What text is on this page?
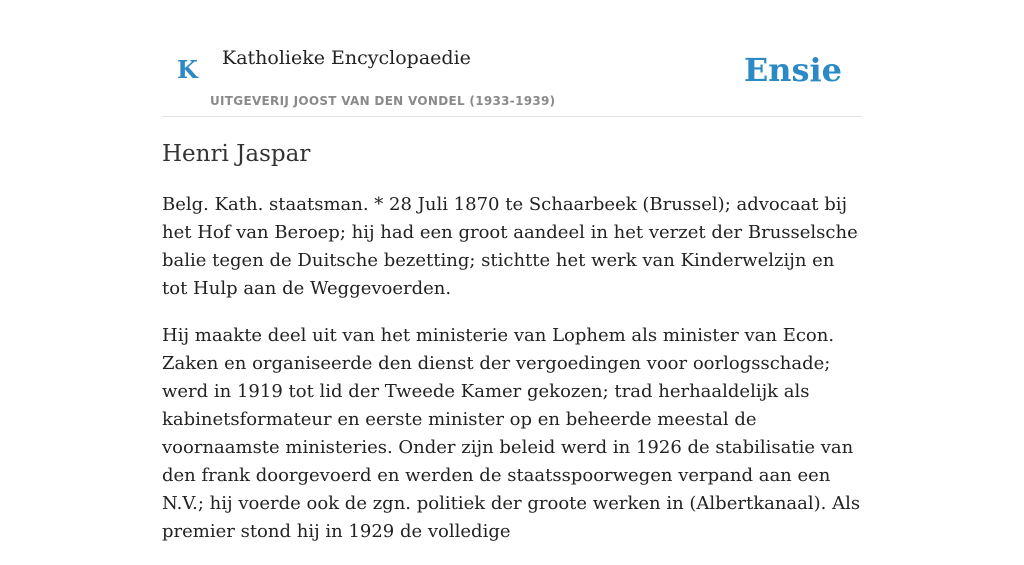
K Katholieke Encyclopaedie
UITGEVERIJ JOOST VAN DEN VONDEL (1933-1939)
Ensie
Henri Jaspar

Belg. Kath. staatsman. * 28 Juli 1870 te Schaarbeek (Brussel); advocaat bij het Hof van Beroep; hij had een groot aandeel in het verzet der Brusselsche balie tegen de Duitsche bezetting; stichtte het werk van Kinderwelzijn en tot Hulp aan de Weggevoerden.

Hij maakte deel uit van het ministerie van Lophem als minister van Econ. Zaken en organiseerde den dienst der vergoedingen voor oorlogsschade; werd in 1919 tot lid der Tweede Kamer gekozen; trad herhaaldelijk als kabinetsformateur en eerste minister op en beheerde meestal de voornaamste ministeries. Onder zijn beleid werd in 1926 de stabilisatie van den frank doorgevoerd en werden de staatsspoorwegen verpand aan een N.V.; hij voerde ook de zgn. politiek der groote werken in (Albertkanaal). Als premier stond hij in 1929 de volledige
